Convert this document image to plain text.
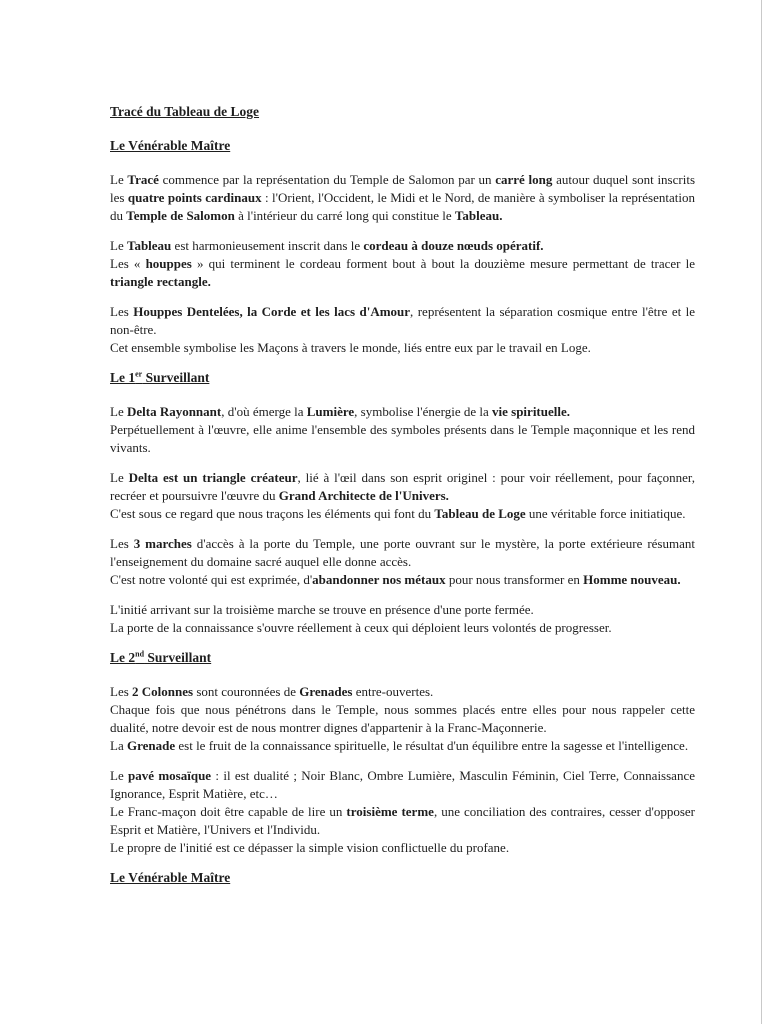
Tracé du Tableau de Loge
Le Vénérable Maître

Le Tracé commence par la représentation du Temple de Salomon par un carré long autour duquel sont inscrits les quatre points cardinaux : l'Orient, l'Occident, le Midi et le Nord, de manière à symboliser la représentation du Temple de Salomon à l'intérieur du carré long qui constitue le Tableau.

Le Tableau est harmonieusement inscrit dans le cordeau à douze nœuds opératif.
Les « houppes » qui terminent le cordeau forment bout à bout la douzième mesure permettant de tracer le triangle rectangle.

Les Houppes Dentelées, la Corde et les lacs d'Amour, représentent la séparation cosmique entre l'être et le non-être.
Cet ensemble symbolise les Maçons à travers le monde, liés entre eux par le travail en Loge.

Le 1er Surveillant

Le Delta Rayonnant, d'où émerge la Lumière, symbolise l'énergie de la vie spirituelle.
Perpétuellement à l'œuvre, elle anime l'ensemble des symboles présents dans le Temple maçonnique et les rend vivants.

Le Delta est un triangle créateur, lié à l'œil dans son esprit originel : pour voir réellement, pour façonner, recréer et poursuivre l'œuvre du Grand Architecte de l'Univers.
C'est sous ce regard que nous traçons les éléments qui font du Tableau de Loge une véritable force initiatique.

Les 3 marches d'accès à la porte du Temple, une porte ouvrant sur le mystère, la porte extérieure résumant l'enseignement du domaine sacré auquel elle donne accès.
C'est notre volonté qui est exprimée, d'abandonner nos métaux pour nous transformer en Homme nouveau.

L'initié arrivant sur la troisième marche se trouve en présence d'une porte fermée.
La porte de la connaissance s'ouvre réellement à ceux qui déploient leurs volontés de progresser.

Le 2nd Surveillant

Les 2 Colonnes sont couronnées de Grenades entre-ouvertes.
Chaque fois que nous pénétrons dans le Temple, nous sommes placés entre elles pour nous rappeler cette dualité, notre devoir est de nous montrer dignes d'appartenir à la Franc-Maçonnerie.
La Grenade est le fruit de la connaissance spirituelle, le résultat d'un équilibre entre la sagesse et l'intelligence.

Le pavé mosaïque : il est dualité ; Noir Blanc, Ombre Lumière, Masculin Féminin, Ciel Terre, Connaissance Ignorance, Esprit Matière, etc…
Le Franc-maçon doit être capable de lire un troisième terme, une conciliation des contraires, cesser d'opposer Esprit et Matière, l'Univers et l'Individu.
Le propre de l'initié est ce dépasser la simple vision conflictuelle du profane.

Le Vénérable Maître
